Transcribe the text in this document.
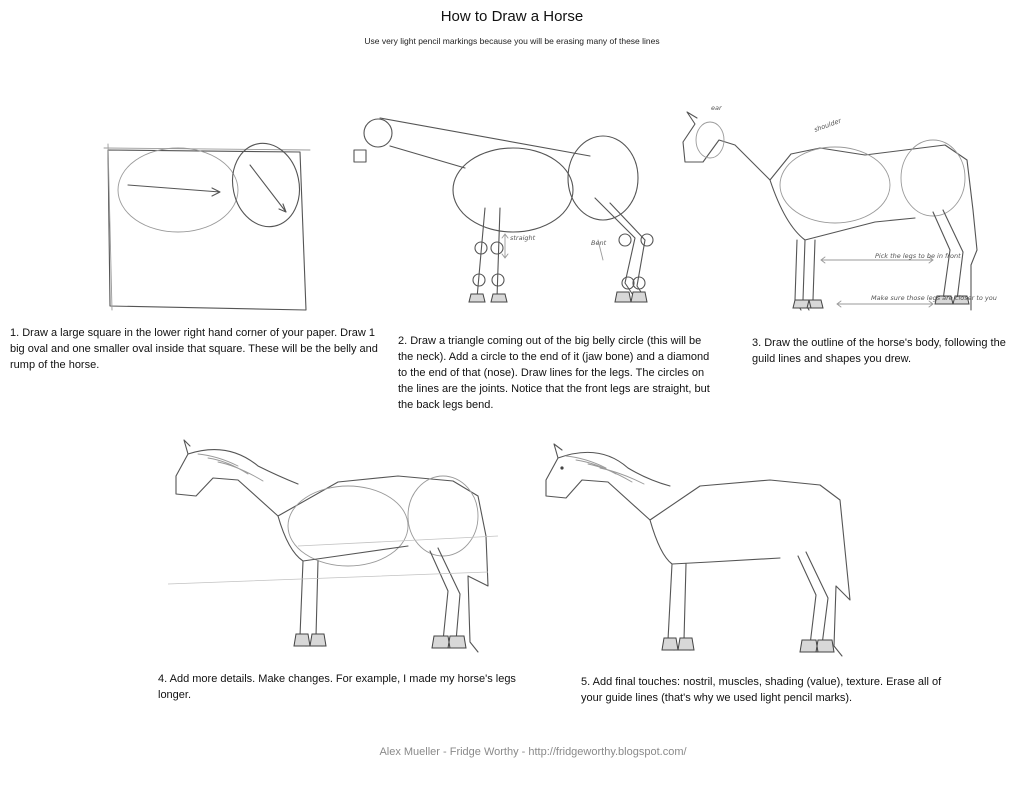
How to Draw a Horse
Use very light pencil markings because you will be erasing many of these lines
straight
Bent
ear
shoulder
Pick the legs to be in front
Make sure those legs are closer to you
1. Draw a large square in the lower right hand corner of your paper. Draw 1 big oval and one smaller oval inside that square. These will be the belly and rump of the horse.
2. Draw a triangle coming out of the big belly circle (this will be the neck). Add a circle to the end of it (jaw bone) and a diamond to the end of that (nose). Draw lines for the legs. The circles on the lines are the joints. Notice that the front legs are straight, but the back legs bend.
3. Draw the outline of the horse's body, following the guild lines and shapes you drew.
4. Add more details. Make changes. For example, I made my horse's legs longer.
5. Add final touches: nostril, muscles, shading (value), texture. Erase all of your guide lines (that's why we used light pencil marks).
Alex Mueller - Fridge Worthy - http://fridgeworthy.blogspot.com/
